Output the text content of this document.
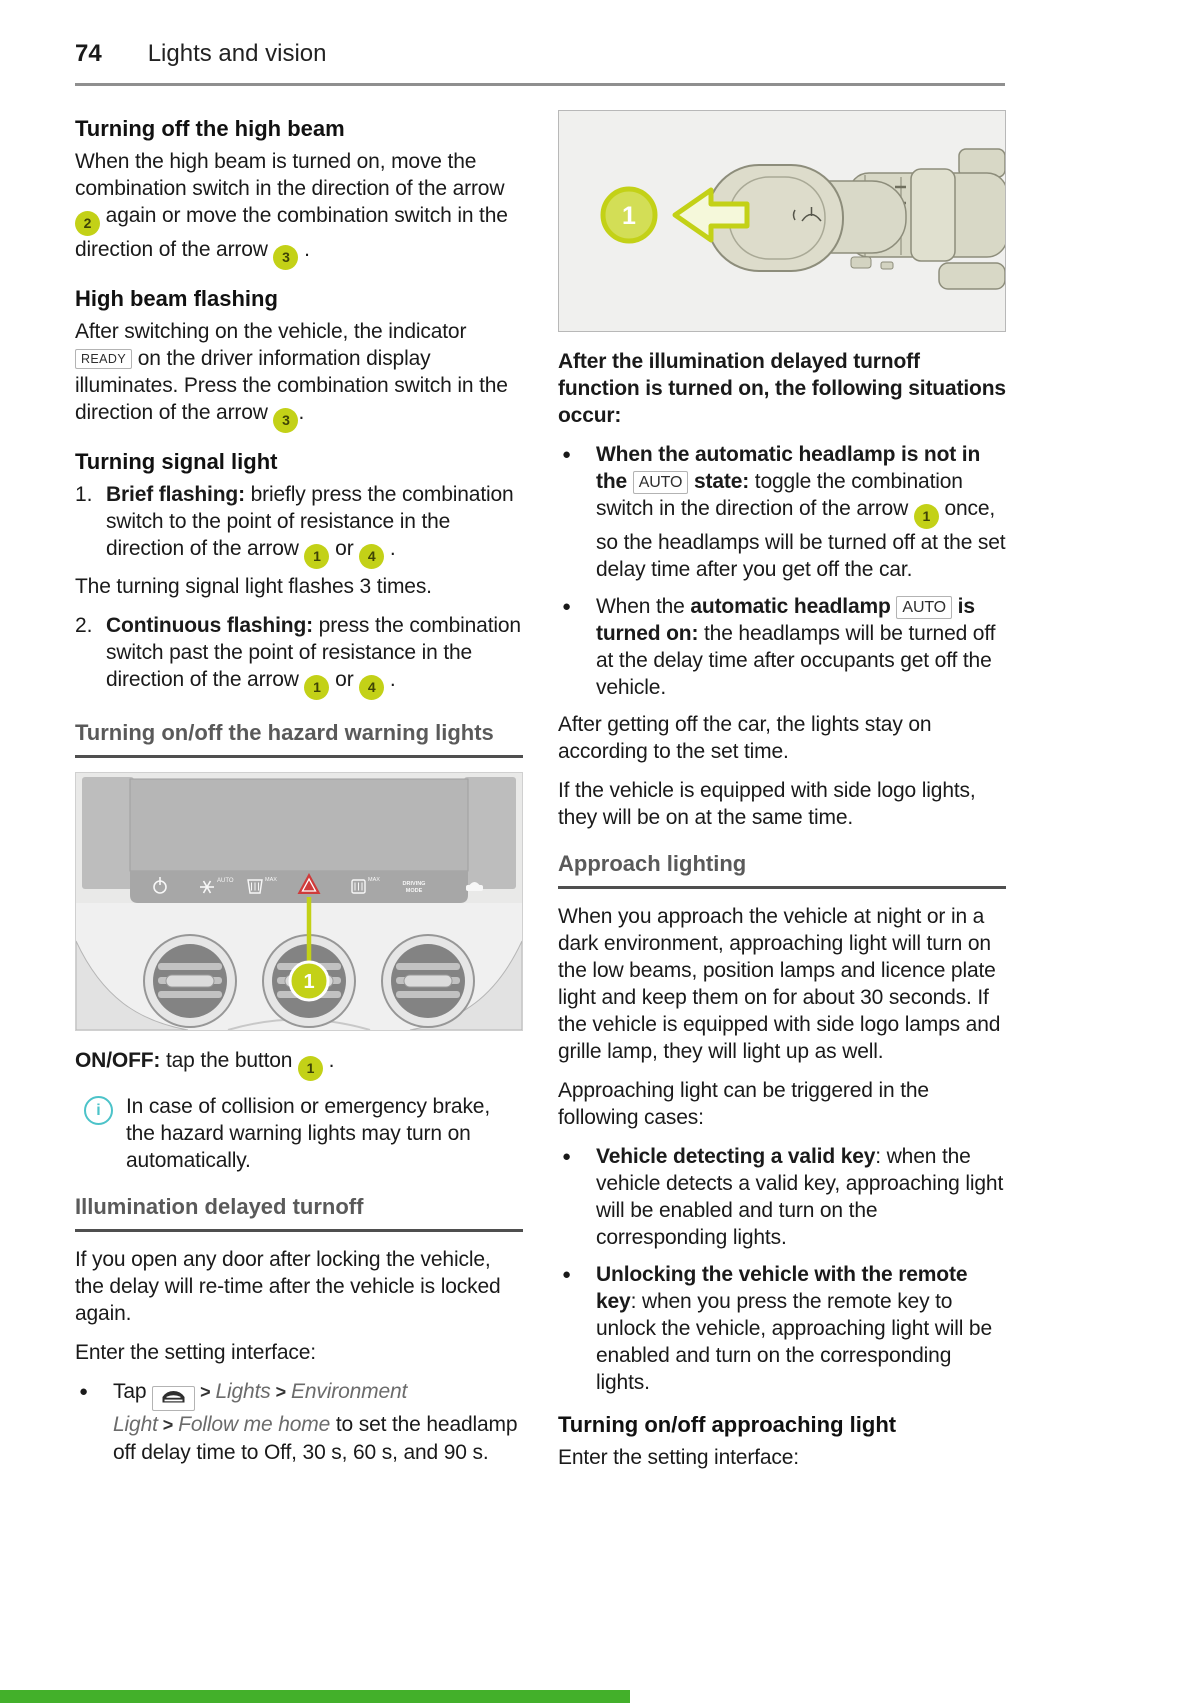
74 Lights and vision
Turning off the high beam

When the high beam is turned on, move the combination switch in the direction of the arrow 2 again or move the combination switch in the direction of the arrow 3 .

High beam flashing

After switching on the vehicle, the indicator READY on the driver information display illuminates. Press the combination switch in the direction of the arrow 3 .

Turning signal light
1. Brief flashing: briefly press the combination switch to the point of resistance in the direction of the arrow 1 or 4 .

The turning signal light flashes 3 times.

2. Continuous flashing: press the combination switch past the point of resistance in the direction of the arrow 1 or 4 .
Turning on/off the hazard warning lights
AUTO	MAX	MAX
DRIVING
MODE
1

ON/OFF: tap the button 1 .

i In case of collision or emergency brake, the hazard warning lights may turn on automatically.
Illumination delayed turnoff

If you open any door after locking the vehicle, the delay will re-time after the vehicle is locked again.

Enter the setting interface:

●
Tap	> Lights > Environment Light > Follow me home to set the headlamp off delay time to Off, 30 s, 60 s, and 90 s.
1

After the illumination delayed turnoff function is turned on, the following situations occur:

●
When the automatic headlamp is not in the AUTO state: toggle the combination switch in the direction of the arrow 1 once, so the headlamps will be turned off at the set delay time after you get off the car.
●
When the automatic headlamp AUTO is turned on: the headlamps will be turned off at the delay time after occupants get off the vehicle.

After getting off the car, the lights stay on according to the set time.

If the vehicle is equipped with side logo lights, they will be on at the same time.

Approach lighting

When you approach the vehicle at night or in a dark environment, approaching light will turn on the low beams, position lamps and licence plate light and keep them on for about 30 seconds. If the vehicle is equipped with side logo lamps and grille lamp, they will light up as well.

Approaching light can be triggered in the following cases:

●
Vehicle detecting a valid key: when the vehicle detects a valid key, approaching light will be enabled and turn on the corresponding lights.
●
Unlocking the vehicle with the remote key: when you press the remote key to unlock the vehicle, approaching light will be enabled and turn on the corresponding lights.
Turning on/off approaching light

Enter the setting interface:
